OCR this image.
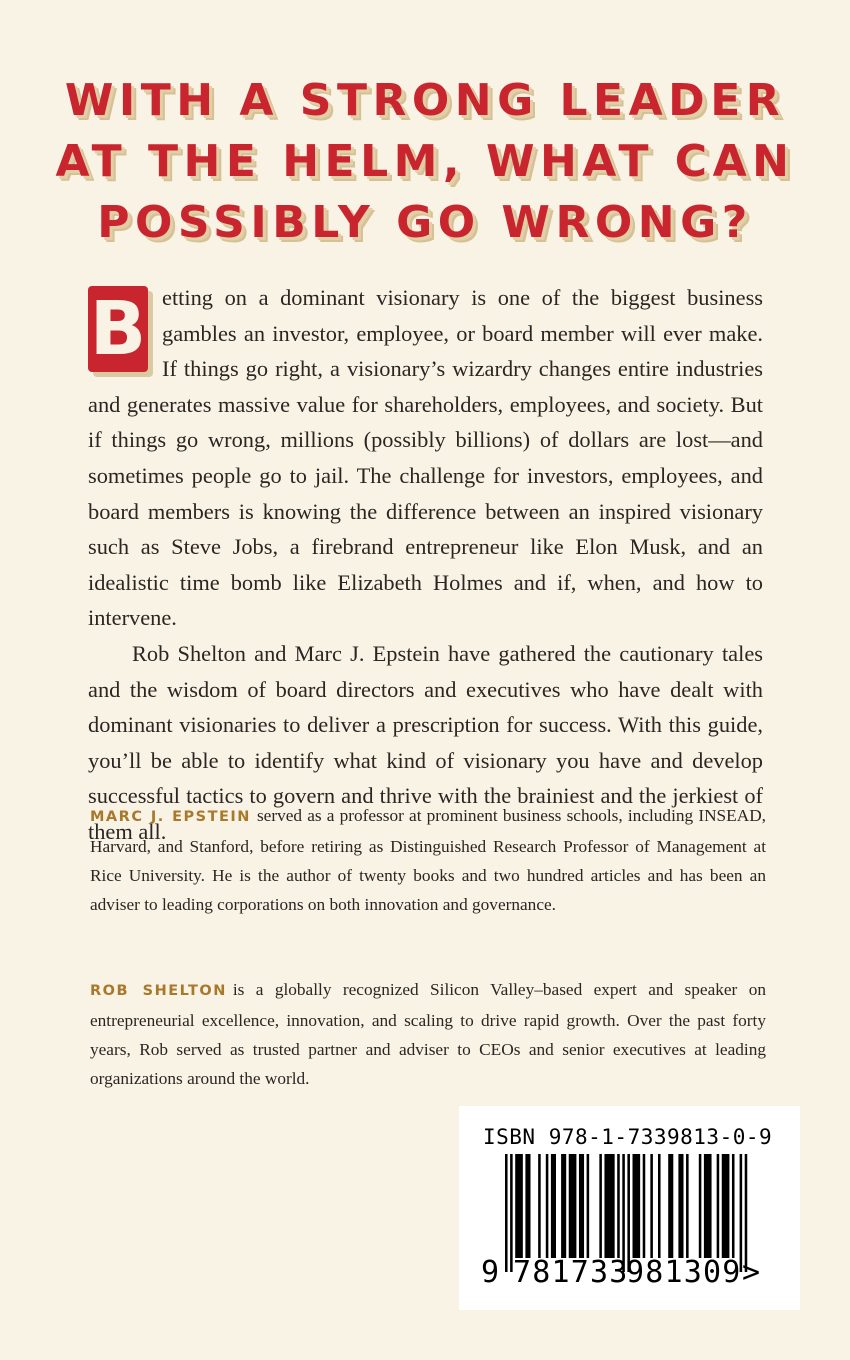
WITH A STRONG LEADER
AT THE HELM, WHAT CAN
POSSIBLY GO WRONG?

B etting on a dominant visionary is one of the biggest business gambles an investor, employee, or board member will ever make. If things go right, a visionary’s wizardry changes entire industries and generates massive value for shareholders, employees, and society. But if things go wrong, millions (possibly billions) of dollars are lost—and sometimes people go to jail. The challenge for investors, employees, and board members is knowing the difference between an inspired visionary such as Steve Jobs, a firebrand entrepreneur like Elon Musk, and an idealistic time bomb like Elizabeth Holmes and if, when, and how to intervene.

Rob Shelton and Marc J. Epstein have gathered the cautionary tales and the wisdom of board directors and executives who have dealt with dominant visionaries to deliver a prescription for success. With this guide, you’ll be able to identify what kind of visionary you have and develop successful tactics to govern and thrive with the brainiest and the jerkiest of them all.

MARC J. EPSTEIN served as a professor at prominent business schools, including INSEAD, Harvard, and Stanford, before retiring as Distinguished Research Professor of Management at Rice University. He is the author of twenty books and two hundred articles and has been an adviser to leading corporations on both innovation and governance.
ROB SHELTON is a globally recognized Silicon Valley–based expert and speaker on entrepreneurial excellence, innovation, and scaling to drive rapid growth. Over the past forty years, Rob served as trusted partner and adviser to CEOs and senior executives at leading organizations around the world.
ISBN 978-1-7339813-0-9
9 781733
981309 >
